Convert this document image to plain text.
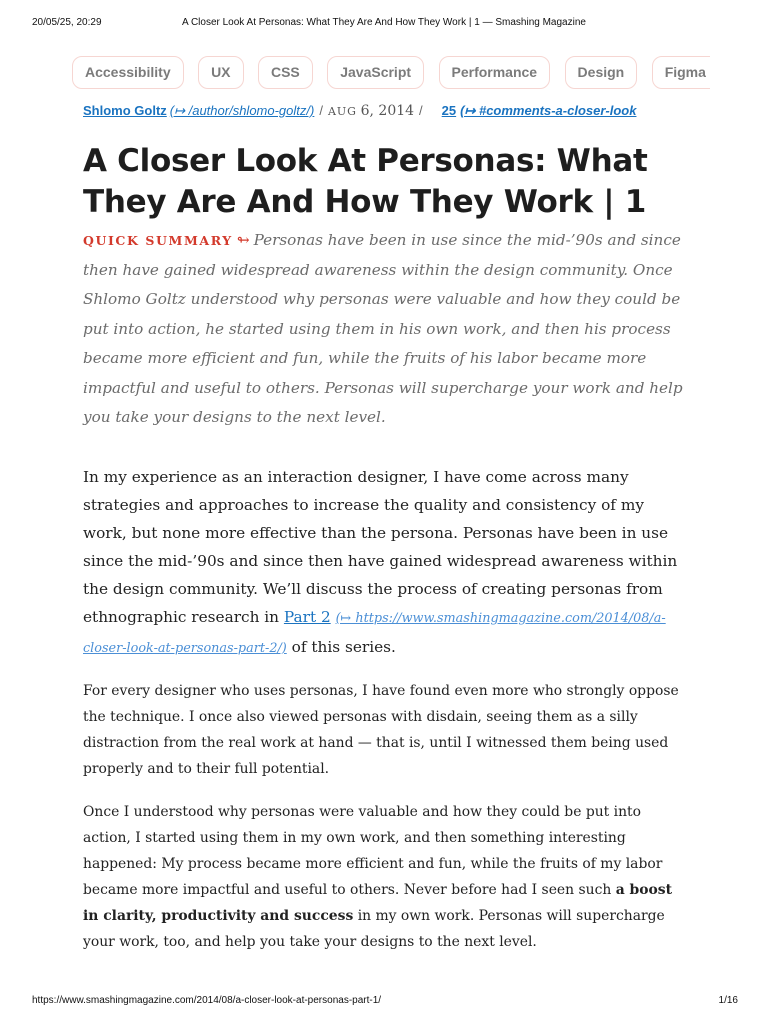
20/05/25, 20:29	A Closer Look At Personas: What They Are And How They Work | 1 — Smashing Magazine
Accessibility	UX	CSS	JavaScript	Performance	Design	Figma
Shlomo Goltz (↦ /author/shlomo-goltz/) / AUG 6, 2014 / 25 (↦ #comments-a-closer-look
A Closer Look At Personas: What They Are And How They Work | 1

QUICK SUMMARY ↬ Personas have been in use since the mid-’90s and since then have gained widespread awareness within the design community. Once Shlomo Goltz understood why personas were valuable and how they could be put into action, he started using them in his own work, and then his process became more efficient and fun, while the fruits of his labor became more impactful and useful to others. Personas will supercharge your work and help you take your designs to the next level.

In my experience as an interaction designer, I have come across many strategies and approaches to increase the quality and consistency of my work, but none more effective than the persona. Personas have been in use since the mid-’90s and since then have gained widespread awareness within the design community. We’ll discuss the process of creating personas from ethnographic research in Part 2 (↦ https://www.smashingmagazine.com/2014/08/a-closer-look-at-personas-part-2/) of this series.

For every designer who uses personas, I have found even more who strongly oppose the technique. I once also viewed personas with disdain, seeing them as a silly distraction from the real work at hand — that is, until I witnessed them being used properly and to their full potential.

Once I understood why personas were valuable and how they could be put into action, I started using them in my own work, and then something interesting happened: My process became more efficient and fun, while the fruits of my labor became more impactful and useful to others. Never before had I seen such a boost in clarity, productivity and success in my own work. Personas will supercharge your work, too, and help you take your designs to the next level.

https://www.smashingmagazine.com/2014/08/a-closer-look-at-personas-part-1/	1/16
